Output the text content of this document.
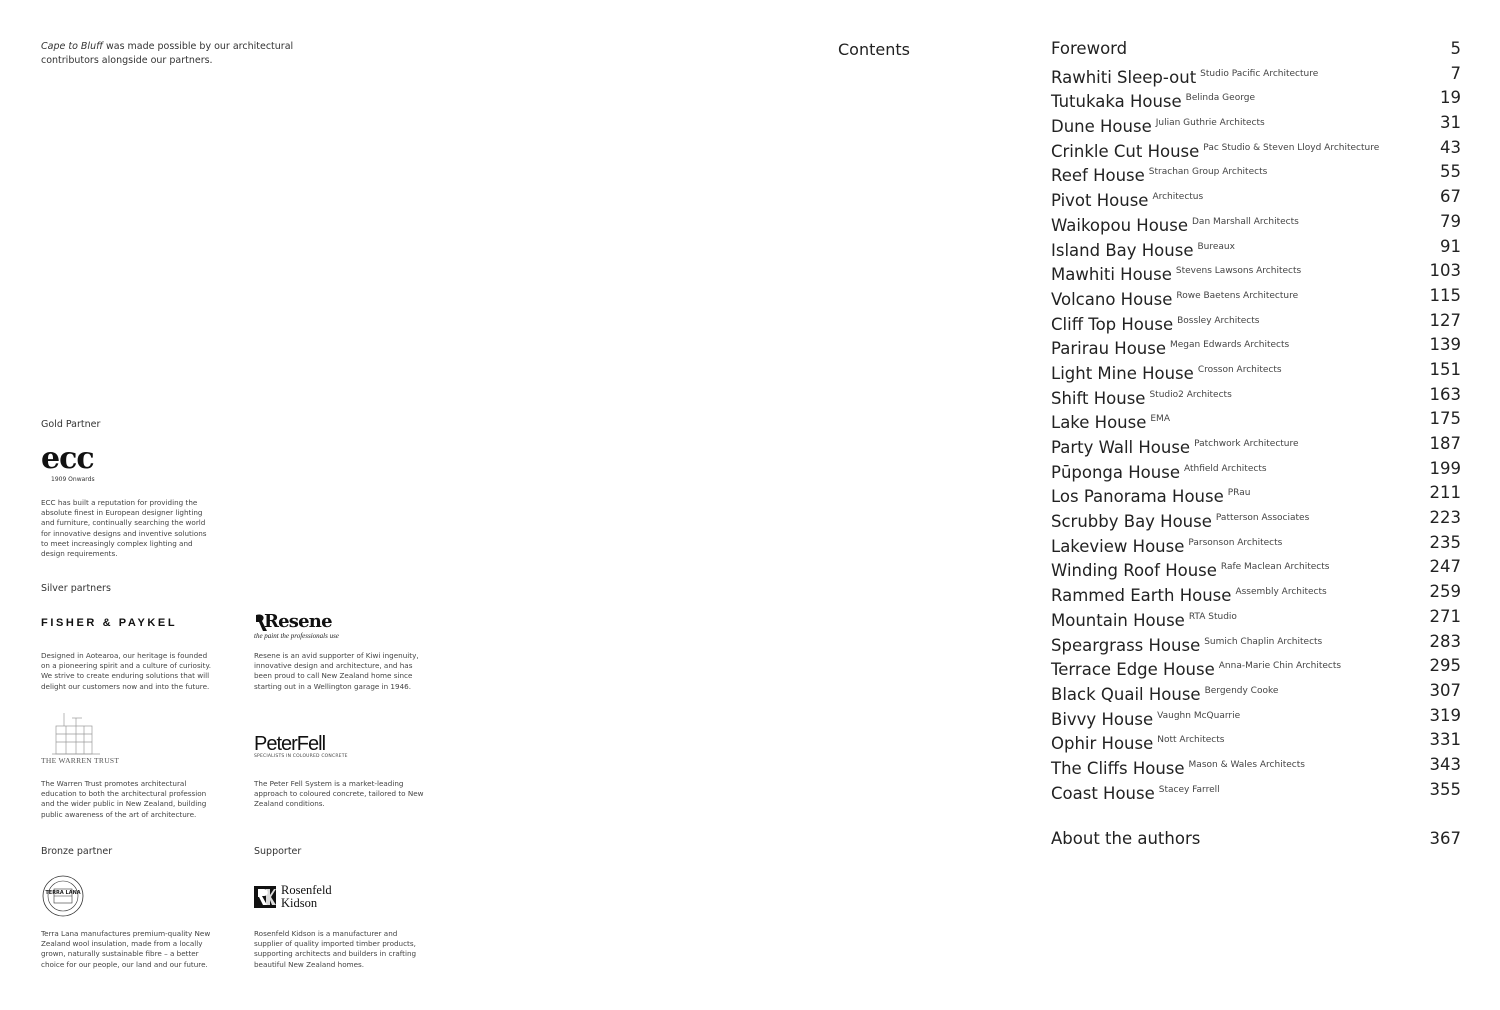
Cape to Bluff was made possible by our architectural contributors alongside our partners.
Gold Partner
ecc
1909 Onwards
ECC has built a reputation for providing the absolute finest in European designer lighting and furniture, continually searching the world for innovative designs and inventive solutions to meet increasingly complex lighting and design requirements.
Silver partners
FISHER & PAYKEL
Designed in Aotearoa, our heritage is founded on a pioneering spirit and a culture of curiosity. We strive to create enduring solutions that will delight our customers now and into the future.
Resene
the paint the professionals use
Resene is an avid supporter of Kiwi ingenuity, innovative design and architecture, and has been proud to call New Zealand home since starting out in a Wellington garage in 1946.
THE WARREN TRUST
The Warren Trust promotes architectural education to both the architectural profession and the wider public in New Zealand, building public awareness of the art of architecture.
PeterFell
SPECIALISTS IN COLOURED CONCRETE
The Peter Fell System is a market-leading approach to coloured concrete, tailored to New Zealand conditions.
Bronze partner	Supporter
TERRA LANA
Terra Lana manufactures premium-quality New Zealand wool insulation, made from a locally grown, naturally sustainable fibre – a better choice for our people, our land and our future.
Rosenfeld
Kidson
Rosenfeld Kidson is a manufacturer and supplier of quality imported timber products, supporting architects and builders in crafting beautiful New Zealand homes.
Contents	Foreword	5
Rawhiti Sleep-out $^{Studio Pacific Architecture}$	7
Tutukaka House $^{Belinda George}$	19
Dune House $^{Julian Guthrie Architects}$	31
Crinkle Cut House $^{Pac Studio \& Steven Lloyd Architecture}$	43
Reef House $^{Strachan Group Architects}$	55
Pivot House $^{Architectus}$	67
Waikopou House $^{Dan Marshall Architects}$	79
Island Bay House $^{Bureaux}$	91
Mawhiti House $^{Stevens Lawsons Architects}$	103
Volcano House $^{Rowe Baetens Architecture}$	115
Cliff Top House $^{Bossley Architects}$	127
Parirau House $^{Megan Edwards Architects}$	139
Light Mine House $^{Crosson Architects}$	151
Shift House $^{Studio2 Architects}$	163
Lake House $^{EMA}$	175
Party Wall House $^{Patchwork Architecture}$	187
Pūponga House $^{Athfield Architects}$	199
Los Panorama House $^{PRau}$	211
Scrubby Bay House $^{Patterson Associates}$	223
Lakeview House $^{Parsonson Architects}$	235
Winding Roof House $^{Rafe Maclean Architects}$	247
Rammed Earth House $^{Assembly Architects}$	259
Mountain House $^{RTA Studio}$	271
Speargrass House $^{Sumich Chaplin Architects}$	283
Terrace Edge House $^{Anna-Marie Chin Architects}$	295
Black Quail House $^{Bergendy Cooke}$	307
Bivvy House $^{Vaughn McQuarrie}$	319
Ophir House $^{Nott Architects}$	331
The Cliffs House $^{Mason \& Wales Architects}$	343
Coast House $^{Stacey Farrell}$	355
About the authors	367
